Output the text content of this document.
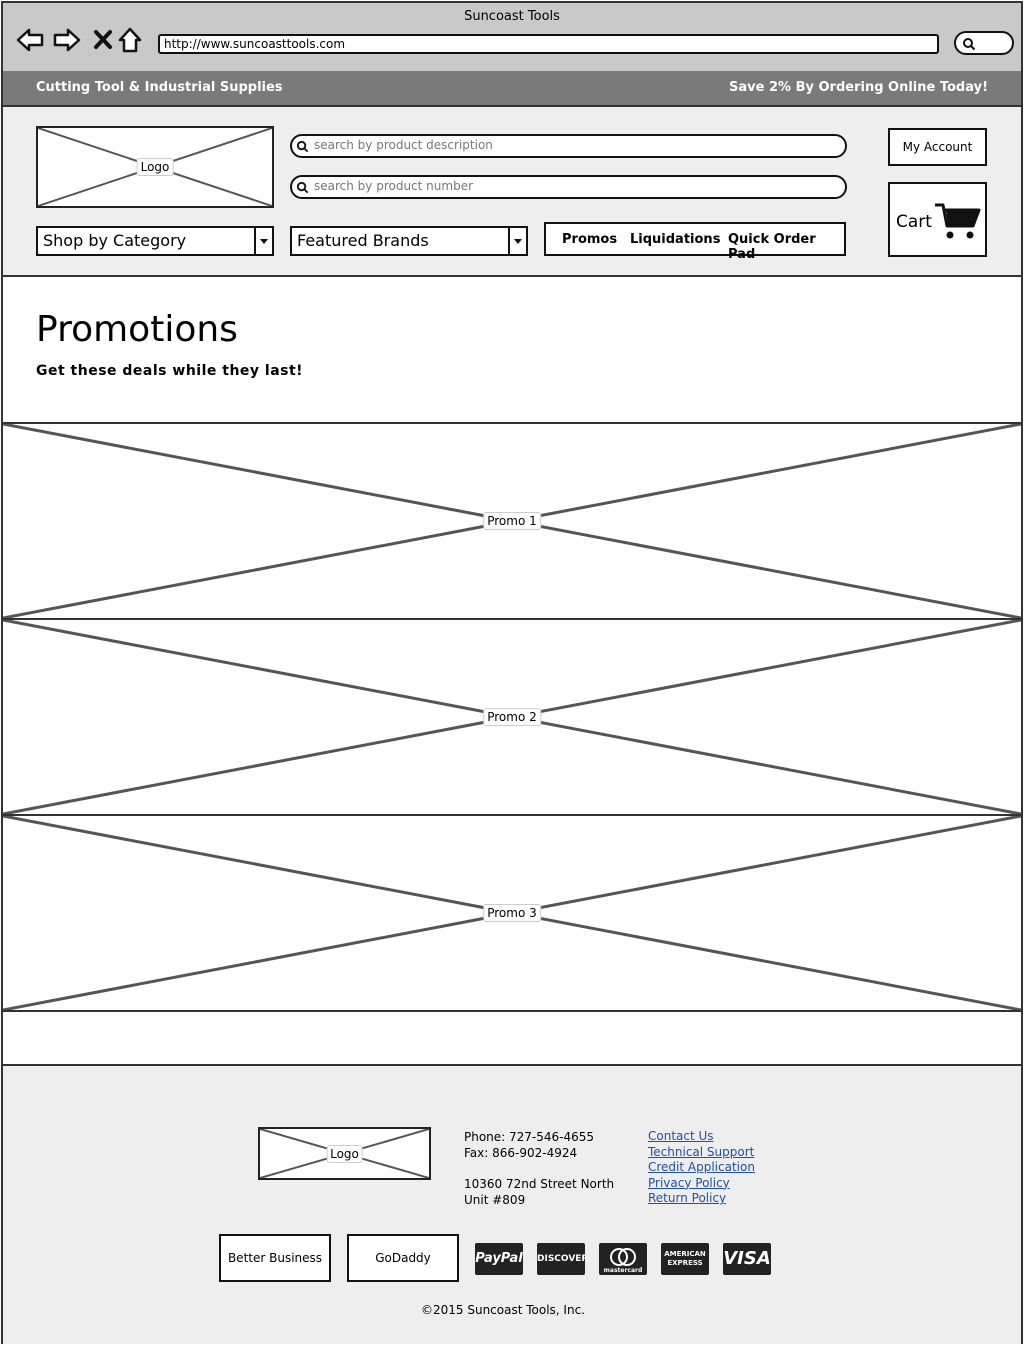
Suncoast Tools
http://www.suncoasttools.com
Cutting Tool & Industrial Supplies	Save 2% By Ordering Online Today!
Logo
search by product description
search by product number
Shop by Category	Featured Brands	Promos Liquidations Quick Order Pad
My Account
Cart
Promotions

Get these deals while they last!

Promo 1
Promo 2
Promo 3
Logo
Phone: 727-546-4655
Fax: 866-902-4924
10360 72nd Street North
Unit #809
Contact Us
Technical Support
Credit Application
Privacy Policy
Return Policy
Better Business	GoDaddy	PayPal DISCOVER
mastercard
AMERICAN EXPRESS	VISA
©2015 Suncoast Tools, Inc.
